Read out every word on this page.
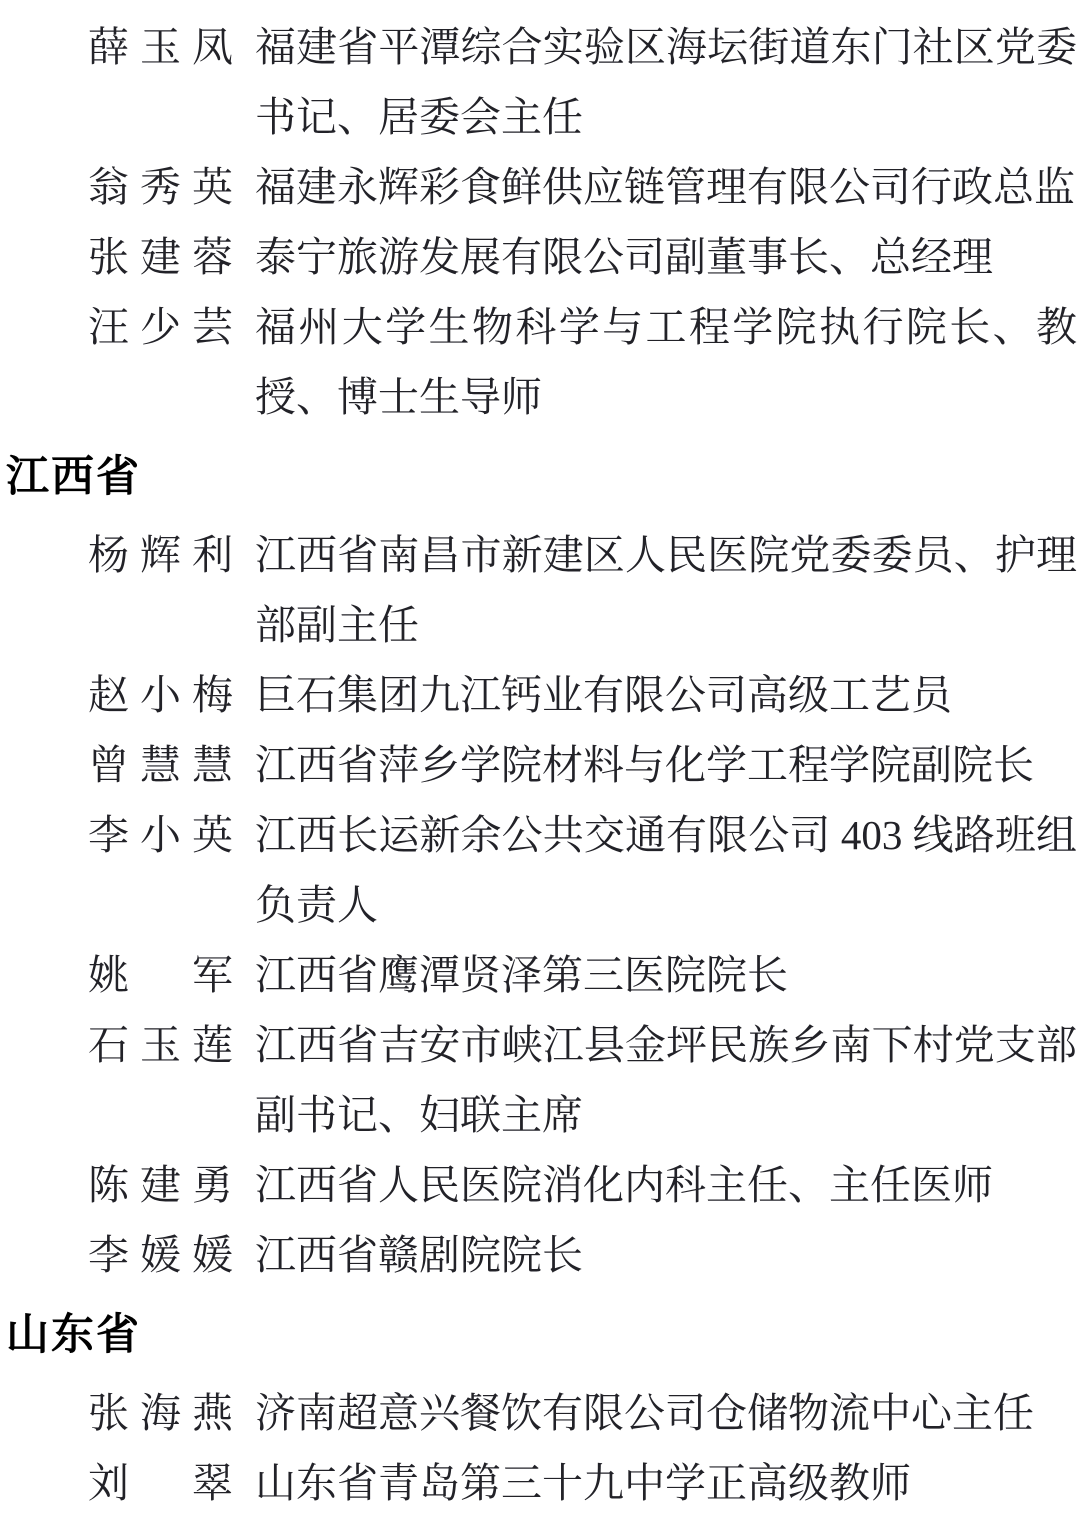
薛玉凤 福建省平潭综合实验区海坛街道东门社区党委
书记、居委会主任
翁秀英 福建永辉彩食鲜供应链管理有限公司行政总监
张建蓉 泰宁旅游发展有限公司副董事长、总经理
汪少芸 福州大学生物科学与工程学院执行院长、教
授、博士生导师
江西省
杨辉利 江西省南昌市新建区人民医院党委委员、护理
部副主任
赵小梅 巨石集团九江钙业有限公司高级工艺员
曾慧慧 江西省萍乡学院材料与化学工程学院副院长
李小英 江西长运新余公共交通有限公司 403 线路班组
负责人
姚军 江西省鹰潭贤泽第三医院院长
石玉莲 江西省吉安市峡江县金坪民族乡南下村党支部
副书记、妇联主席
陈建勇 江西省人民医院消化内科主任、主任医师
李媛媛 江西省赣剧院院长
山东省
张海燕 济南超意兴餐饮有限公司仓储物流中心主任
刘翠 山东省青岛第三十九中学正高级教师
